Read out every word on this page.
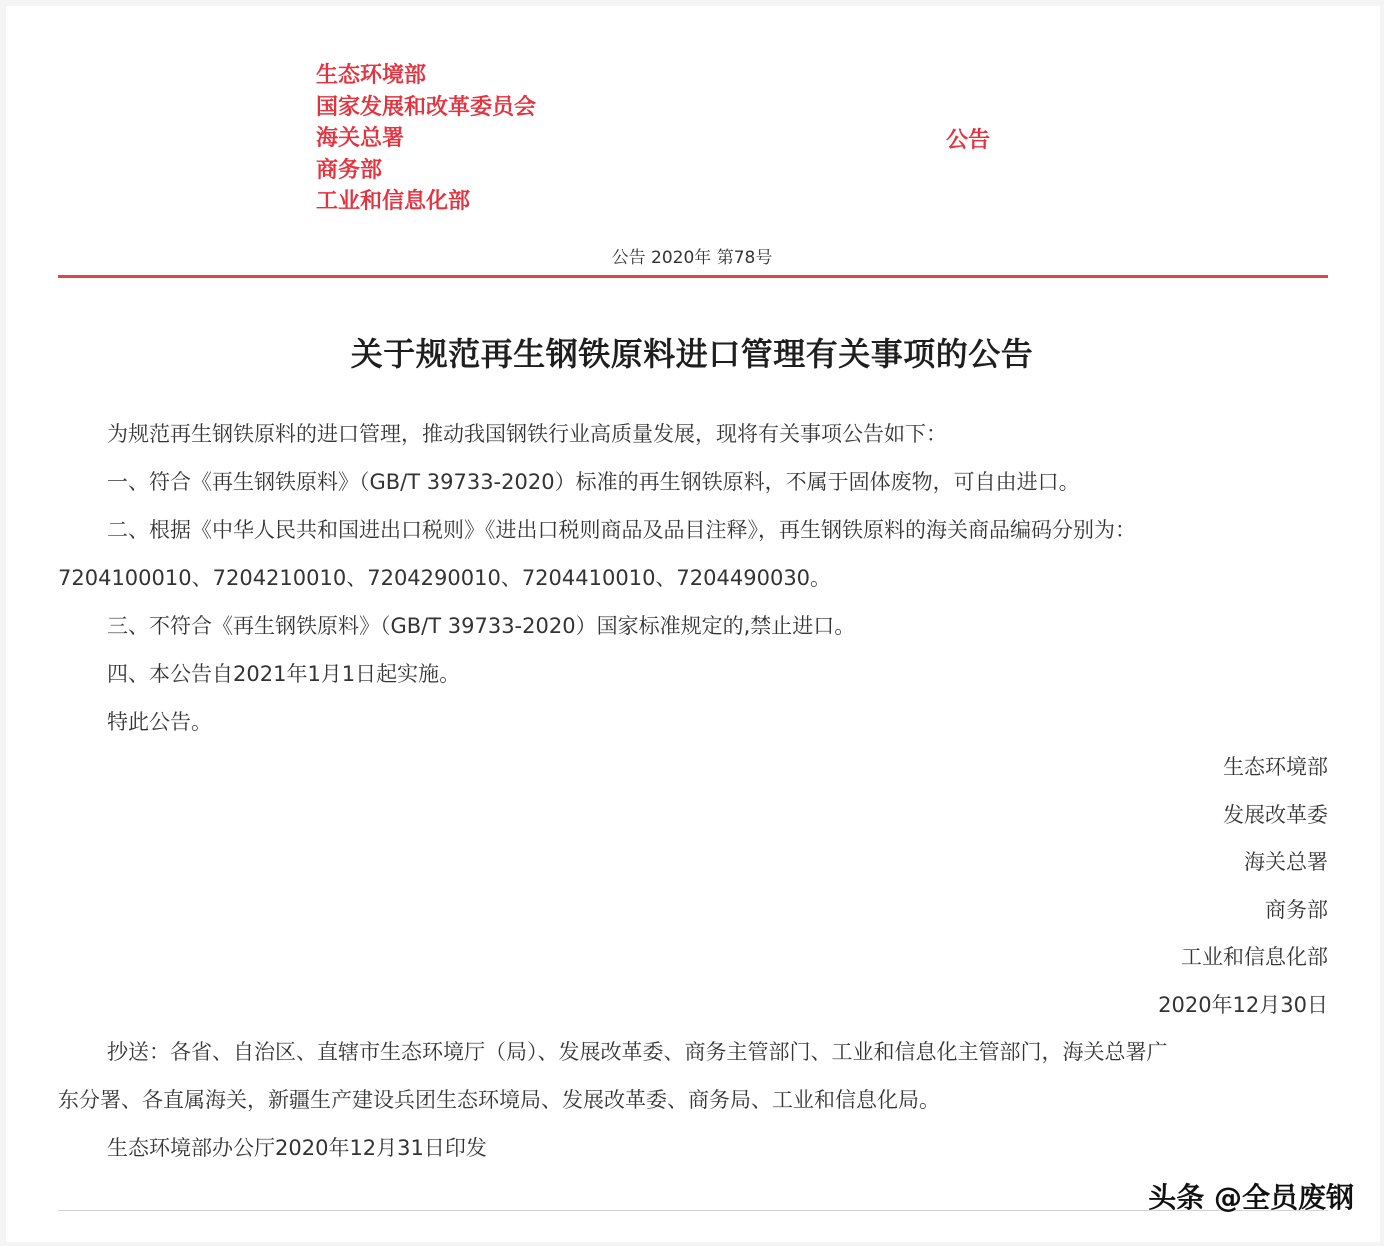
生态环境部
国家发展和改革委员会
海关总署
商务部
工业和信息化部
公告
公告 2020年 第78号
关于规范再生钢铁原料进口管理有关事项的公告
为规范再生钢铁原料的进口管理，推动我国钢铁行业高质量发展，现将有关事项公告如下：
一、符合《再生钢铁原料》（GB/T 39733-2020）标准的再生钢铁原料，不属于固体废物，可自由进口。
二、根据《中华人民共和国进出口税则》《进出口税则商品及品目注释》，再生钢铁原料的海关商品编码分别为：
7204100010、7204210010、7204290010、7204410010、7204490030。
三、不符合《再生钢铁原料》（GB/T 39733-2020）国家标准规定的,禁止进口。
四、本公告自2021年1月1日起实施。
特此公告。
生态环境部
发展改革委
海关总署
商务部
工业和信息化部
2020年12月30日
抄送：各省、自治区、直辖市生态环境厅（局）、发展改革委、商务主管部门、工业和信息化主管部门，海关总署广
东分署、各直属海关，新疆生产建设兵团生态环境局、发展改革委、商务局、工业和信息化局。
生态环境部办公厅2020年12月31日印发
头条 @全员废钢
